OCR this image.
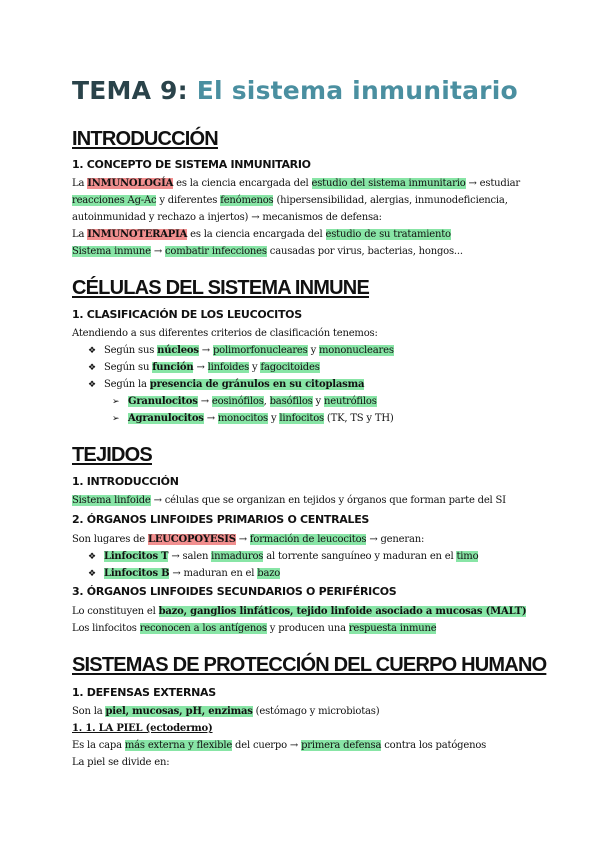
TEMA 9: El sistema inmunitario
INTRODUCCIÓN
1. CONCEPTO DE SISTEMA INMUNITARIO

La INMUNOLOGÍA es la ciencia encargada del estudio del sistema inmunitario → estudiar

reacciones Ag-Ac y diferentes fenómenos (hipersensibilidad, alergias, inmunodeficiencia,

autoinmunidad y rechazo a injertos) → mecanismos de defensa:

La INMUNOTERAPIA es la ciencia encargada del estudio de su tratamiento

Sistema inmune → combatir infecciones causadas por virus, bacterias, hongos...

CÉLULAS DEL SISTEMA INMUNE
1. CLASIFICACIÓN DE LOS LEUCOCITOS

Atendiendo a sus diferentes criterios de clasificación tenemos:

❖ Según sus núcleos → polimorfonucleares y mononucleares

❖ Según su función → linfoides y fagocitoides

❖ Según la presencia de gránulos en su citoplasma

➢ Granulocitos → eosinófilos, basófilos y neutrófilos

➢ Agranulocitos → monocitos y linfocitos (TK, TS y TH)

TEJIDOS
1. INTRODUCCIÓN

Sistema linfoide → células que se organizan en tejidos y órganos que forman parte del SI

2. ÓRGANOS LINFOIDES PRIMARIOS O CENTRALES

Son lugares de LEUCOPOYESIS → formación de leucocitos → generan:

❖ Linfocitos T → salen inmaduros al torrente sanguíneo y maduran en el timo

❖ Linfocitos B → maduran en el bazo

3. ÓRGANOS LINFOIDES SECUNDARIOS O PERIFÉRICOS

Lo constituyen el bazo, ganglios linfáticos, tejido linfoide asociado a mucosas (MALT)

Los linfocitos reconocen a los antígenos y producen una respuesta inmune

SISTEMAS DE PROTECCIÓN DEL CUERPO HUMANO
1. DEFENSAS EXTERNAS

Son la piel, mucosas, pH, enzimas (estómago y microbiotas)

1. 1. LA PIEL (ectodermo)

Es la capa más externa y flexible del cuerpo → primera defensa contra los patógenos

La piel se divide en:
